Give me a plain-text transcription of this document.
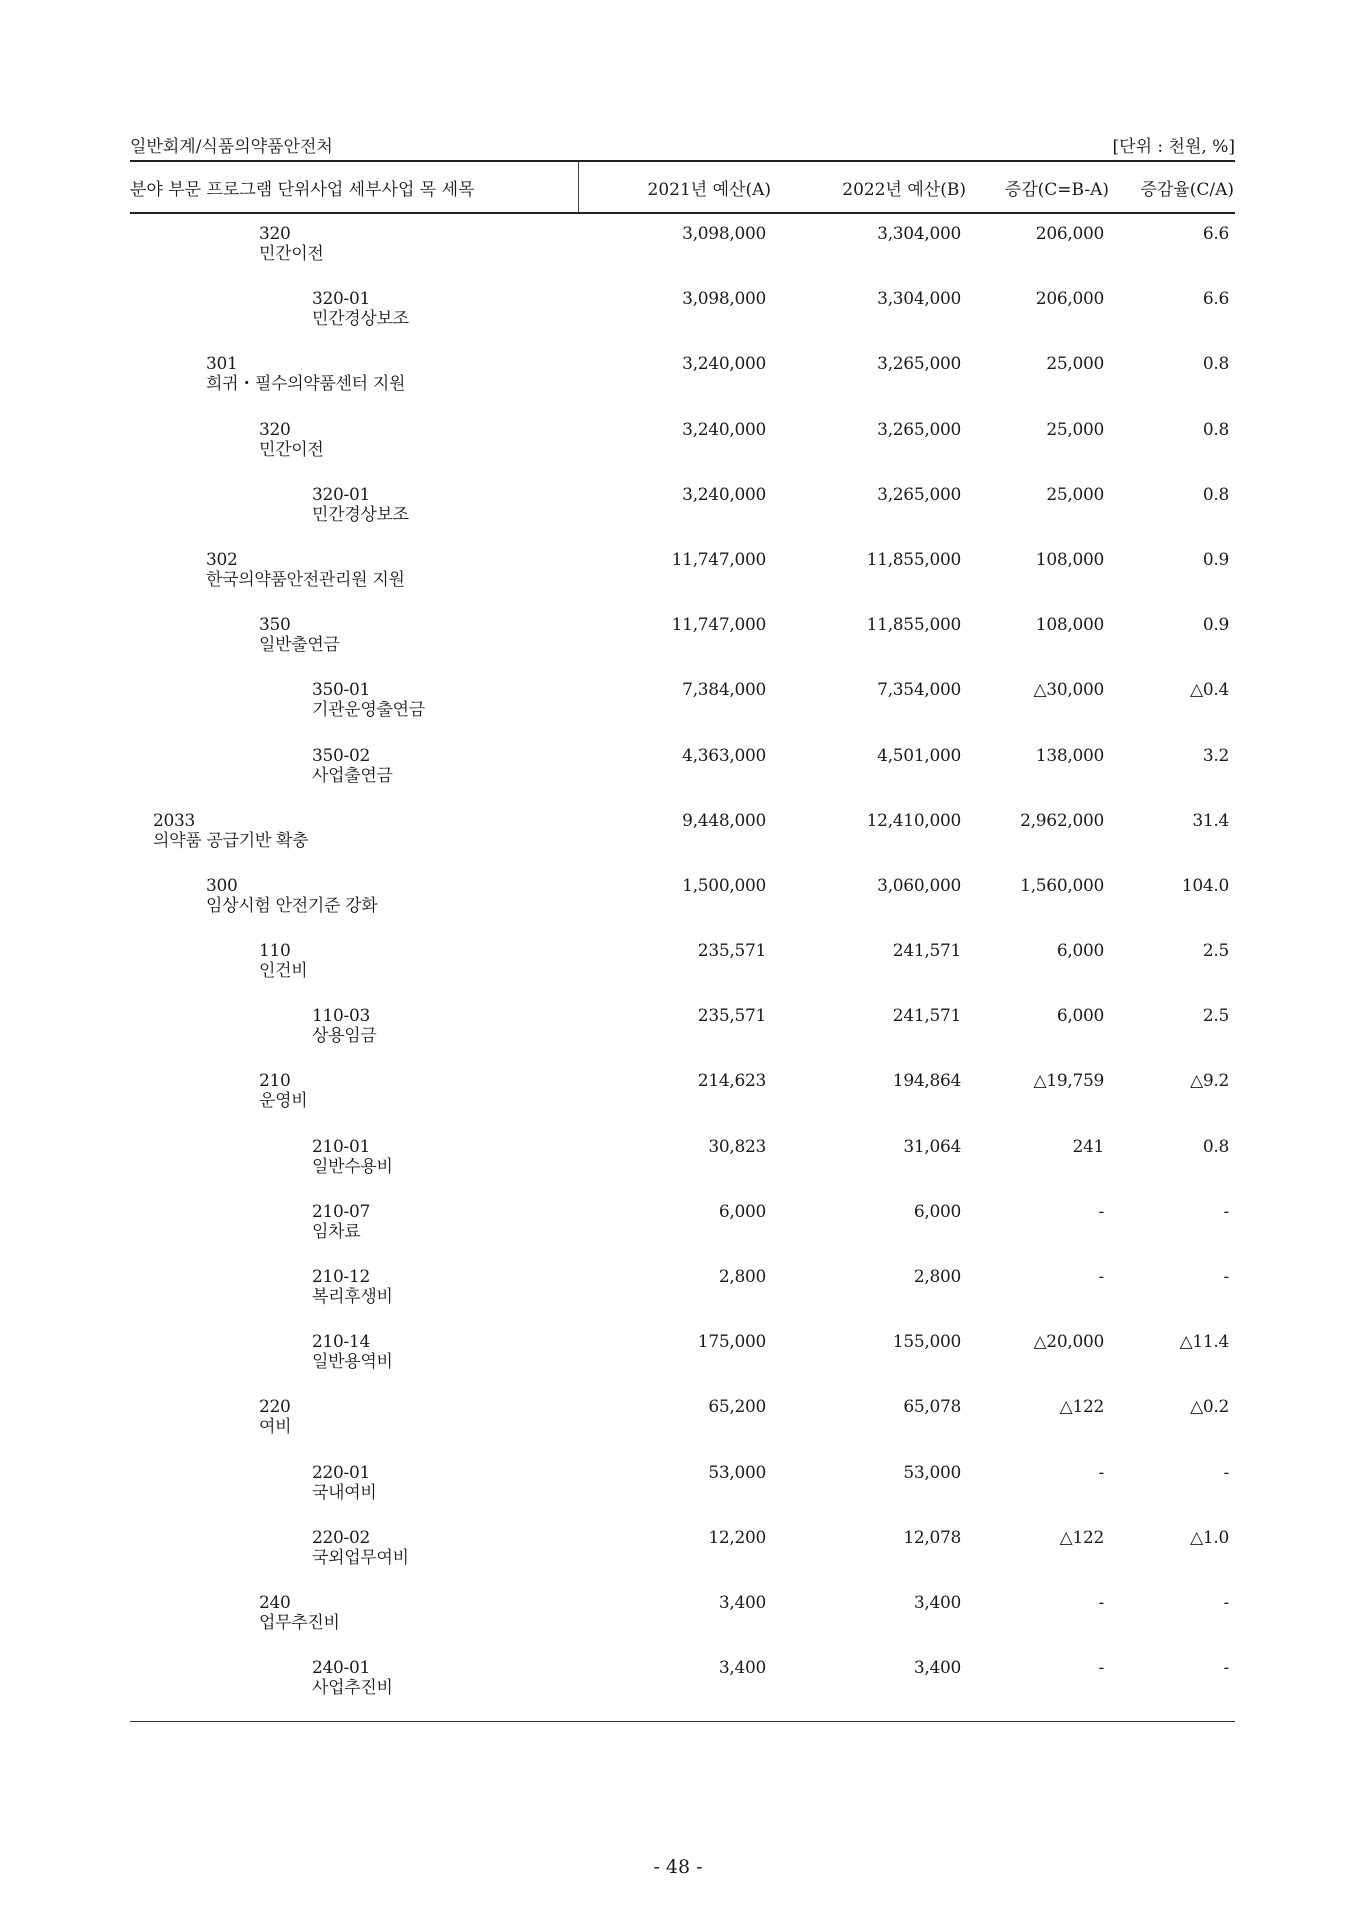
일반회계/식품의약품안전처	[단위 : 천원, %]
분야 부문 프로그램 단위사업 세부사업 목 세목	2021년 예산(A)	2022년 예산(B)	증감(C=B-A)	증감율(C/A)
320
민간이전
3,098,000	3,304,000	206,000	6.6
320-01
민간경상보조
3,098,000	3,304,000	206,000	6.6
301
희귀・필수의약품센터 지원
3,240,000	3,265,000	25,000	0.8
320
민간이전
3,240,000	3,265,000	25,000	0.8
320-01
민간경상보조
3,240,000	3,265,000	25,000	0.8
302
한국의약품안전관리원 지원
11,747,000	11,855,000	108,000	0.9
350
일반출연금
11,747,000	11,855,000	108,000	0.9
350-01
기관운영출연금
7,384,000	7,354,000	△30,000	△0.4
350-02
사업출연금
4,363,000	4,501,000	138,000	3.2
2033
의약품 공급기반 확충
9,448,000	12,410,000	2,962,000	31.4
300
임상시험 안전기준 강화
1,500,000	3,060,000	1,560,000	104.0
110
인건비
235,571	241,571	6,000	2.5
110-03
상용임금
235,571	241,571	6,000	2.5
210
운영비
214,623	194,864	△19,759	△9.2
210-01
일반수용비
30,823	31,064	241	0.8
210-07
임차료
6,000	6,000	-	-
210-12
복리후생비
2,800	2,800	-	-
210-14
일반용역비
175,000	155,000	△20,000	△11.4
220
여비
65,200	65,078	△122	△0.2
220-01
국내여비
53,000	53,000	-	-
220-02
국외업무여비
12,200	12,078	△122	△1.0
240
업무추진비
3,400	3,400	-	-
240-01
사업추진비
3,400	3,400	-	-
- 48 -
